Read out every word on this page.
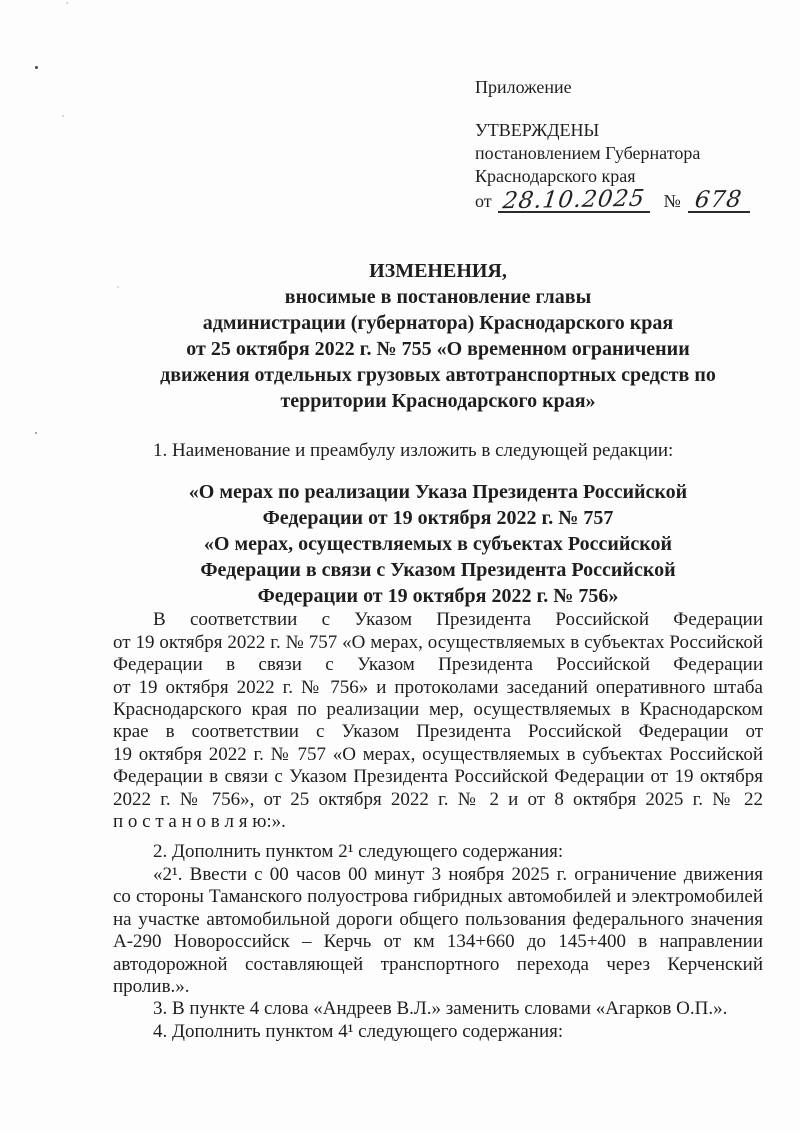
Приложение
УТВЕРЖДЕНЫ
постановлением Губернатора
Краснодарского края
от 28.10.2025 № 678
ИЗМЕНЕНИЯ,
вносимые в постановление главы
администрации (губернатора) Краснодарского края
от 25 октября 2022 г. № 755 «О временном ограничении
движения отдельных грузовых автотранспортных средств по
территории Краснодарского края»
1. Наименование и преамбулу изложить в следующей редакции:
«О мерах по реализации Указа Президента Российской
Федерации от 19 октября 2022 г. № 757
«О мерах, осуществляемых в субъектах Российской
Федерации в связи с Указом Президента Российской
Федерации от 19 октября 2022 г. № 756»
В соответствии с Указом Президента Российской Федерации
от 19 октября 2022 г. № 757 «О мерах, осуществляемых в субъектах Российской
Федерации в связи с Указом Президента Российской Федерации
от 19 октября 2022 г. № 756» и протоколами заседаний оперативного штаба
Краснодарского края по реализации мер, осуществляемых в Краснодарском
крае в соответствии с Указом Президента Российской Федерации от
19 октября 2022 г. № 757 «О мерах, осуществляемых в субъектах Российской
Федерации в связи с Указом Президента Российской Федерации от 19 октября
2022 г. № 756», от 25 октября 2022 г. № 2 и от 8 октября 2025 г. № 22
п о с т а н о в л я ю:».
2. Дополнить пунктом 2¹ следующего содержания:
«2¹. Ввести с 00 часов 00 минут 3 ноября 2025 г. ограничение движения
со стороны Таманского полуострова гибридных автомобилей и электромобилей
на участке автомобильной дороги общего пользования федерального значения
А-290 Новороссийск – Керчь от км 134+660 до 145+400 в направлении
автодорожной составляющей транспортного перехода через Керченский
пролив.».
3. В пункте 4 слова «Андреев В.Л.» заменить словами «Агарков О.П.».
4. Дополнить пунктом 4¹ следующего содержания:
